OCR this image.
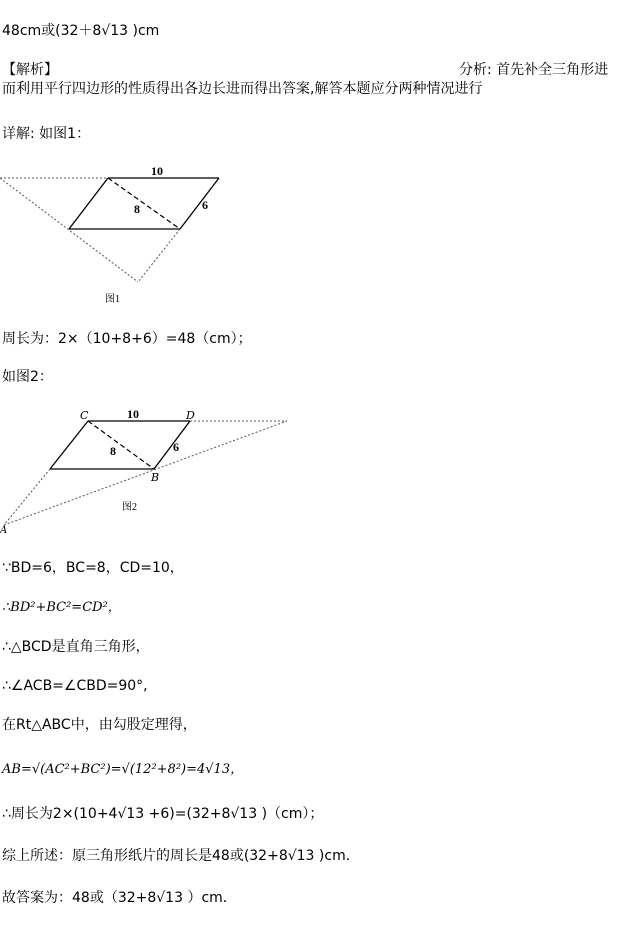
48cm或(32＋8√13 )cm
【解析】	分析: 首先补全三角形进
而利用平行四边形的性质得出各边长进而得出答案,解答本题应分两种情况进行
详解: 如图1：
10
8	6
图1
周长为：2×（10+8+6）=48（cm）；
如图2：
C	D
B
A
10
8	6
图2
∵BD=6，BC=8，CD=10，
∴BD²+BC²=CD²，
∴△BCD是直角三角形，
∴∠ACB=∠CBD=90°,
在Rt△ABC中，由勾股定理得，
AB=√(AC²+BC²)=√(12²+8²)=4√13，
∴周长为2×(10+4√13 +6)=(32+8√13 )（cm）；
综上所述：原三角形纸片的周长是48或(32+8√13 )cm．
故答案为：48或（32+8√13 ）cm．
